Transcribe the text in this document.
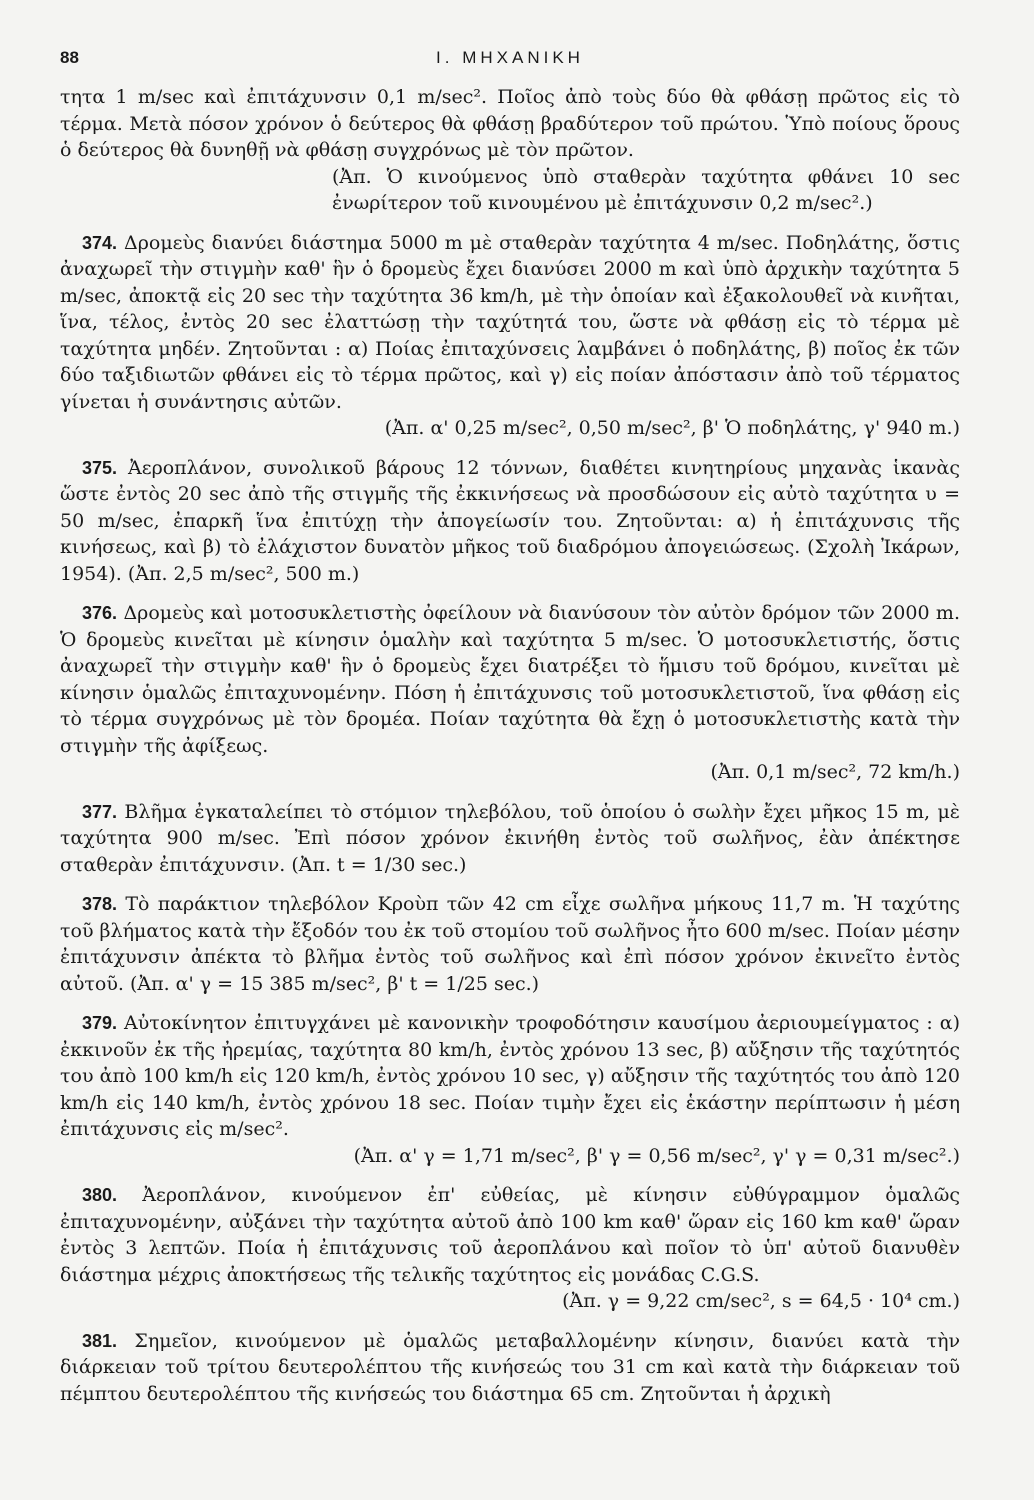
88	I. ΜΗΧΑΝΙΚΗ

τητα 1 m/sec καὶ ἐπιτάχυνσιν 0,1 m/sec². Ποῖος ἀπὸ τοὺς δύο θὰ φθάσῃ πρῶτος εἰς τὸ τέρμα. Μετὰ πόσον χρόνον ὁ δεύτερος θὰ φθάσῃ βραδύτερον τοῦ πρώτου. Ὑπὸ ποίους ὅρους ὁ δεύτερος θὰ δυνηθῇ νὰ φθάσῃ συγχρόνως μὲ τὸν πρῶτον.

(Ἀπ. Ὁ κινούμενος ὑπὸ σταθερὰν ταχύτητα φθάνει 10 sec ἐνωρίτερον τοῦ κινουμένου μὲ ἐπιτάχυνσιν 0,2 m/sec².)

374. Δρομεὺς διανύει διάστημα 5000 m μὲ σταθερὰν ταχύτητα 4 m/sec. Ποδηλάτης, ὅστις ἀναχωρεῖ τὴν στιγμὴν καθ' ἣν ὁ δρομεὺς ἔχει διανύσει 2000 m καὶ ὑπὸ ἀρχικὴν ταχύτητα 5 m/sec, ἀποκτᾷ εἰς 20 sec τὴν ταχύτητα 36 km/h, μὲ τὴν ὁποίαν καὶ ἐξακολουθεῖ νὰ κινῆται, ἵνα, τέλος, ἐντὸς 20 sec ἐλαττώσῃ τὴν ταχύτητά του, ὥστε νὰ φθάσῃ εἰς τὸ τέρμα μὲ ταχύτητα μηδέν. Ζητοῦνται : α) Ποίας ἐπιταχύνσεις λαμβάνει ὁ ποδηλάτης, β) ποῖος ἐκ τῶν δύο ταξιδιωτῶν φθάνει εἰς τὸ τέρμα πρῶτος, καὶ γ) εἰς ποίαν ἀπόστασιν ἀπὸ τοῦ τέρματος γίνεται ἡ συνάντησις αὐτῶν.

(Ἀπ. α' 0,25 m/sec², 0,50 m/sec², β' Ὁ ποδηλάτης, γ' 940 m.)

375. Ἀεροπλάνον, συνολικοῦ βάρους 12 τόννων, διαθέτει κινητηρίους μηχανὰς ἱκανὰς ὥστε ἐντὸς 20 sec ἀπὸ τῆς στιγμῆς τῆς ἐκκινήσεως νὰ προσδώσουν εἰς αὐτὸ ταχύτητα υ = 50 m/sec, ἐπαρκῆ ἵνα ἐπιτύχῃ τὴν ἀπογείωσίν του. Ζητοῦνται: α) ἡ ἐπιτάχυνσις τῆς κινήσεως, καὶ β) τὸ ἐλάχιστον δυνατὸν μῆκος τοῦ διαδρόμου ἀπογειώσεως. (Σχολὴ Ἰκάρων, 1954). (Ἀπ. 2,5 m/sec², 500 m.)

376. Δρομεὺς καὶ μοτοσυκλετιστὴς ὀφείλουν νὰ διανύσουν τὸν αὐτὸν δρόμον τῶν 2000 m. Ὁ δρομεὺς κινεῖται μὲ κίνησιν ὁμαλὴν καὶ ταχύτητα 5 m/sec. Ὁ μοτοσυκλετιστής, ὅστις ἀναχωρεῖ τὴν στιγμὴν καθ' ἣν ὁ δρομεὺς ἔχει διατρέξει τὸ ἥμισυ τοῦ δρόμου, κινεῖται μὲ κίνησιν ὁμαλῶς ἐπιταχυνομένην. Πόση ἡ ἐπιτάχυνσις τοῦ μοτοσυκλετιστοῦ, ἵνα φθάσῃ εἰς τὸ τέρμα συγχρόνως μὲ τὸν δρομέα. Ποίαν ταχύτητα θὰ ἔχῃ ὁ μοτοσυκλετιστὴς κατὰ τὴν στιγμὴν τῆς ἀφίξεως.

(Ἀπ. 0,1 m/sec², 72 km/h.)

377. Βλῆμα ἐγκαταλείπει τὸ στόμιον τηλεβόλου, τοῦ ὁποίου ὁ σωλὴν ἔχει μῆκος 15 m, μὲ ταχύτητα 900 m/sec. Ἐπὶ πόσον χρόνον ἐκινήθη ἐντὸς τοῦ σωλῆνος, ἐὰν ἀπέκτησε σταθερὰν ἐπιτάχυνσιν. (Ἀπ. t = 1/30 sec.)

378. Τὸ παράκτιον τηλεβόλον Κροὺπ τῶν 42 cm εἶχε σωλῆνα μήκους 11,7 m. Ἡ ταχύτης τοῦ βλήματος κατὰ τὴν ἔξοδόν του ἐκ τοῦ στομίου τοῦ σωλῆνος ἦτο 600 m/sec. Ποίαν μέσην ἐπιτάχυνσιν ἀπέκτα τὸ βλῆμα ἐντὸς τοῦ σωλῆνος καὶ ἐπὶ πόσον χρόνον ἐκινεῖτο ἐντὸς αὐτοῦ. (Ἀπ. α' γ = 15 385 m/sec², β' t = 1/25 sec.)

379. Αὐτοκίνητον ἐπιτυγχάνει μὲ κανονικὴν τροφοδότησιν καυσίμου ἀεριουμείγματος : α) ἐκκινοῦν ἐκ τῆς ἠρεμίας, ταχύτητα 80 km/h, ἐντὸς χρόνου 13 sec, β) αὔξησιν τῆς ταχύτητός του ἀπὸ 100 km/h εἰς 120 km/h, ἐντὸς χρόνου 10 sec, γ) αὔξησιν τῆς ταχύτητός του ἀπὸ 120 km/h εἰς 140 km/h, ἐντὸς χρόνου 18 sec. Ποίαν τιμὴν ἔχει εἰς ἑκάστην περίπτωσιν ἡ μέση ἐπιτάχυνσις εἰς m/sec².

(Ἀπ. α' γ = 1,71 m/sec², β' γ = 0,56 m/sec², γ' γ = 0,31 m/sec².)

380. Ἀεροπλάνον, κινούμενον ἐπ' εὐθείας, μὲ κίνησιν εὐθύγραμμον ὁμαλῶς ἐπιταχυνομένην, αὐξάνει τὴν ταχύτητα αὐτοῦ ἀπὸ 100 km καθ' ὥραν εἰς 160 km καθ' ὥραν ἐντὸς 3 λεπτῶν. Ποία ἡ ἐπιτάχυνσις τοῦ ἀεροπλάνου καὶ ποῖον τὸ ὑπ' αὐτοῦ διανυθὲν διάστημα μέχρις ἀποκτήσεως τῆς τελικῆς ταχύτητος εἰς μονάδας C.G.S.

(Ἀπ. γ = 9,22 cm/sec², s = 64,5 · 10⁴ cm.)

381. Σημεῖον, κινούμενον μὲ ὁμαλῶς μεταβαλλομένην κίνησιν, διανύει κατὰ τὴν διάρκειαν τοῦ τρίτου δευτερολέπτου τῆς κινήσεώς του 31 cm καὶ κατὰ τὴν διάρκειαν τοῦ πέμπτου δευτερολέπτου τῆς κινήσεώς του διάστημα 65 cm. Ζητοῦνται ἡ ἀρχικὴ
